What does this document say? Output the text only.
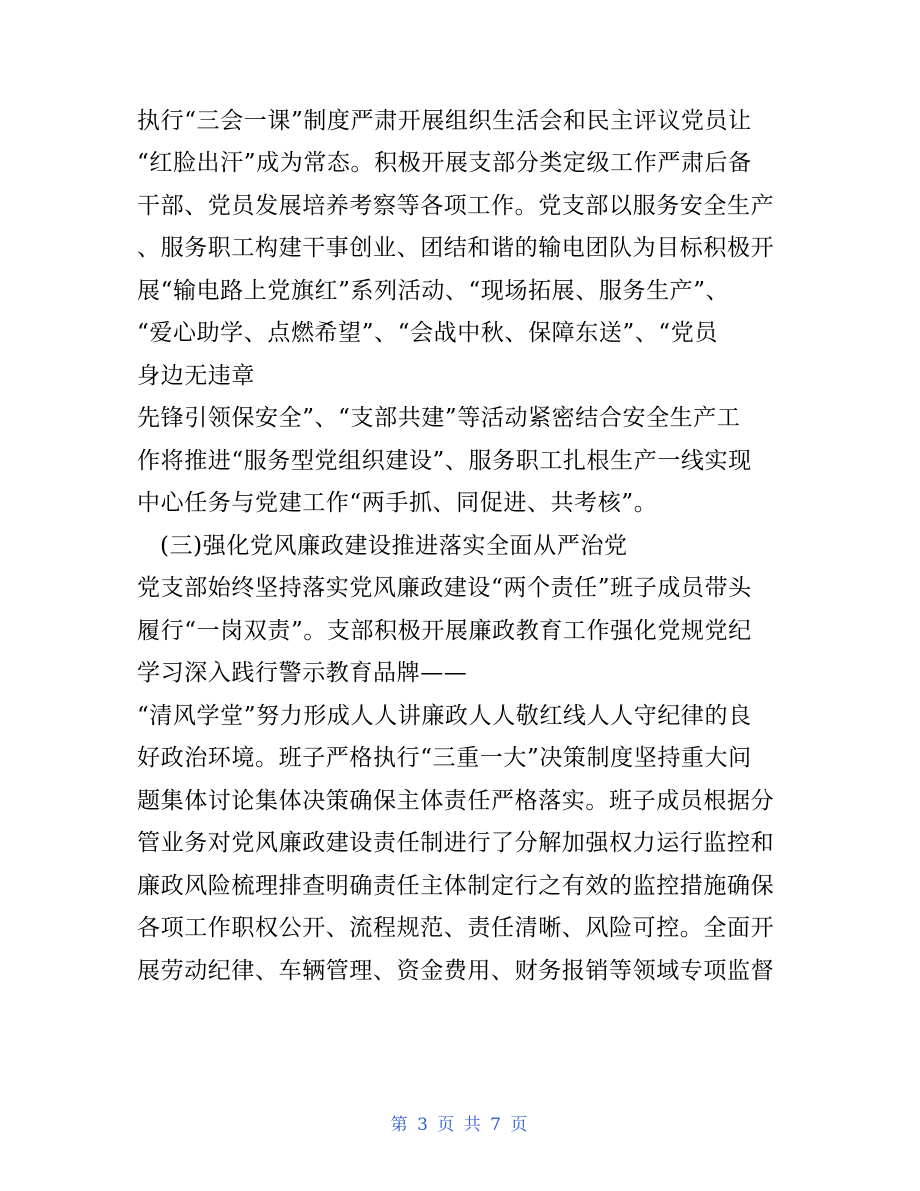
执行“三会一课”制度严肃开展组织生活会和民主评议党员让
“红脸出汗”成为常态。积极开展支部分类定级工作严肃后备
干部、党员发展培养考察等各项工作。党支部以服务安全生产
、服务职工构建干事创业、团结和谐的输电团队为目标积极开
展“输电路上党旗红”系列活动、“现场拓展、服务生产”、
“爱心助学、点燃希望”、“会战中秋、保障东送”、“党员
身边无违章
先锋引领保安全”、“支部共建”等活动紧密结合安全生产工
作将推进“服务型党组织建设”、服务职工扎根生产一线实现
中心任务与党建工作“两手抓、同促进、共考核”。
(三)强化党风廉政建设推进落实全面从严治党
党支部始终坚持落实党风廉政建设“两个责任”班子成员带头
履行“一岗双责”。支部积极开展廉政教育工作强化党规党纪
学习深入践行警示教育品牌——
“清风学堂”努力形成人人讲廉政人人敬红线人人守纪律的良
好政治环境。班子严格执行“三重一大”决策制度坚持重大问
题集体讨论集体决策确保主体责任严格落实。班子成员根据分
管业务对党风廉政建设责任制进行了分解加强权力运行监控和
廉政风险梳理排查明确责任主体制定行之有效的监控措施确保
各项工作职权公开、流程规范、责任清晰、风险可控。全面开
展劳动纪律、车辆管理、资金费用、财务报销等领域专项监督
第 3 页 共 7 页
